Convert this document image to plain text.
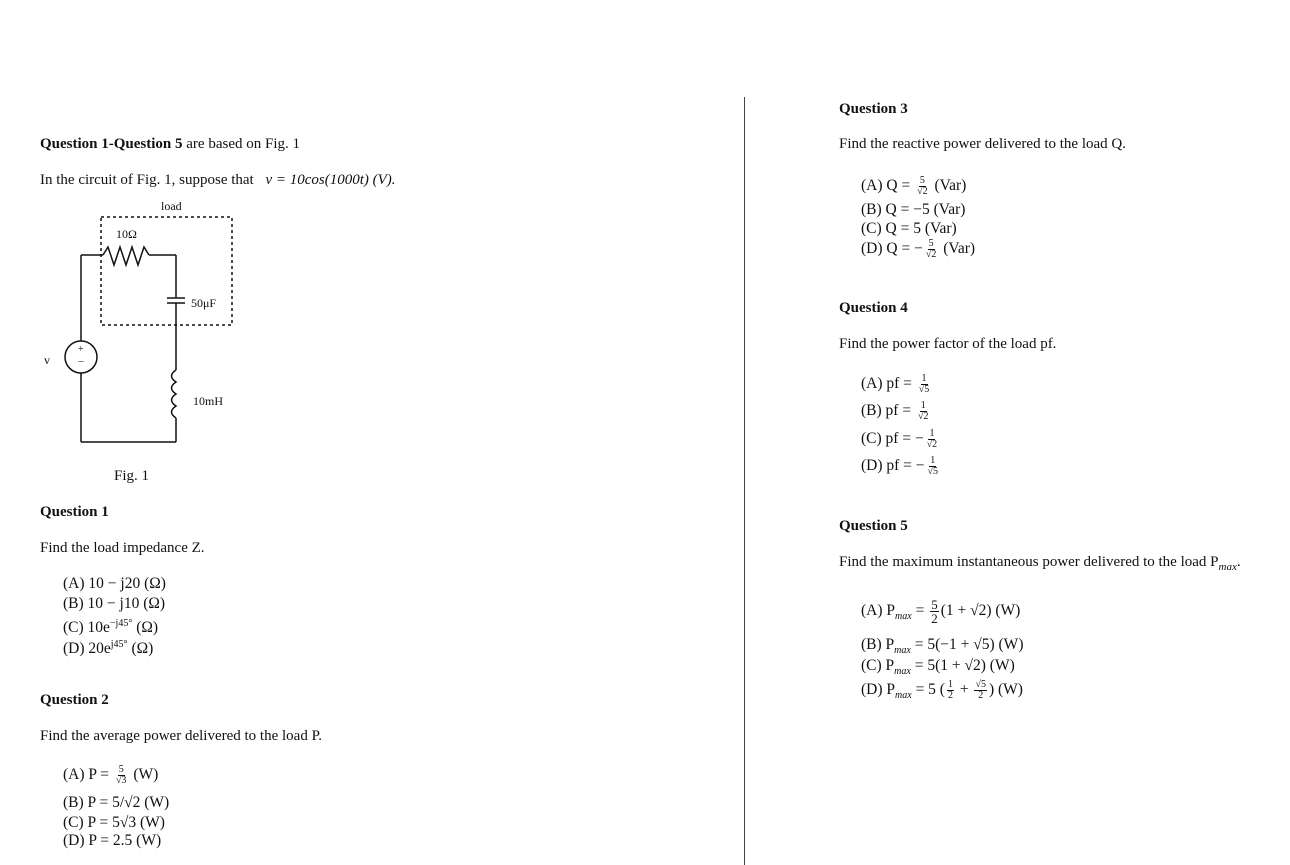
Question 1-Question 5 are based on Fig. 1
In the circuit of Fig. 1, suppose that v = 10cos(1000t) (V).
load
10Ω
50μF
10mH
v
+
−
Fig. 1
Question 1
Find the load impedance Z.
(A) 10 − j20 (Ω)
(B) 10 − j10 (Ω)
(C) $10e^{-j45^\circ}$ (Ω)
(D) $20e^{j45^\circ}$ (Ω)
Question 2
Find the average power delivered to the load P.
(A) $P = \frac{5}{√3} (W)$
(B) P = 5/√2 (W)
(C) P = 5√3 (W)
(D) P = 2.5 (W)
Question 3
Find the reactive power delivered to the load Q.
(A) $Q = \frac{5}{√2} (Var)$
(B) Q = −5 (Var)
(C) Q = 5 (Var)
(D) Q = − $\frac{5}{√2} (Var)$
Question 4
Find the power factor of the load pf.
(A) pf = $\frac{1}{√5}$
(B) pf = $\frac{1}{√2}$
(C) pf = − $\frac{1}{√2}$
(D) pf = − $\frac{1}{√5}$
Question 5
Find the maximum instantaneous power delivered to the load $P_{max}$.
(A) $P_{max} = \frac{5}{2} (1 + √2)$ (W)
(B) $P_{max} = 5(-1 + √5)$ (W)
(C) $P_{max} = 5(1 + √2)$ (W)
(D) $P_{max} = 5$ ( $\frac{1}{2} + \frac{√5}{2}$ ) (W)
